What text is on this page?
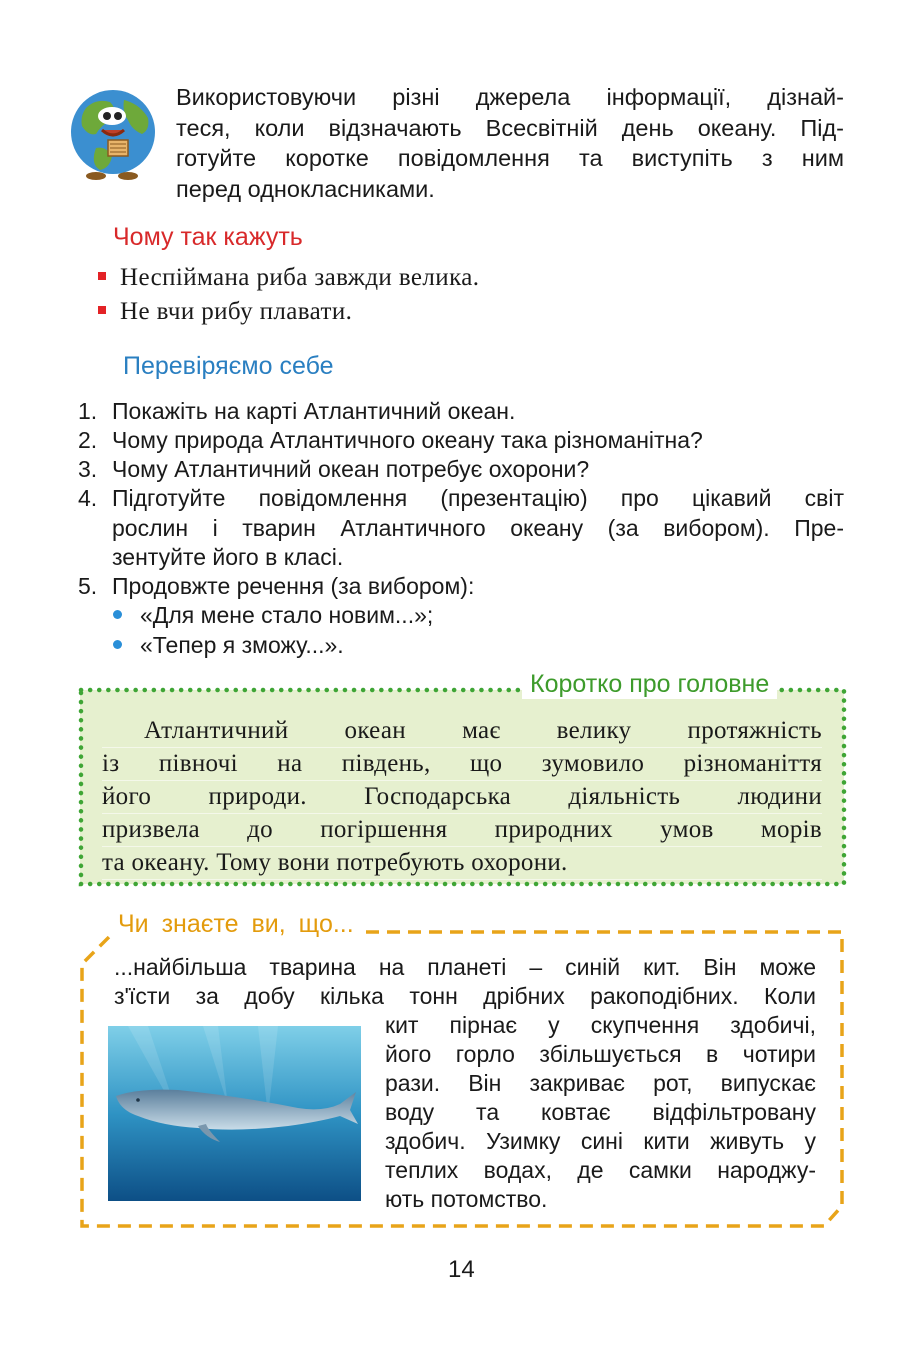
Використовуючи різні джерела інформації, дізнай-
теся, коли відзначають Всесвітній день океану. Під-
готуйте коротке повідомлення та виступіть з ним
перед однокласниками.
Чому так кажуть
Неспіймана риба завжди велика.
Не вчи рибу плавати.
Перевіряємо себе
1. Покажіть на карті Атлантичний океан.
2. Чому природа Атлантичного океану така різноманітна?
3. Чому Атлантичний океан потребує охорони?
4. Підготуйте повідомлення (презентацію) про цікавий світ
рослин і тварин Атлантичного океану (за вибором). Пре-
зентуйте його в класі.
5. Продовжте речення (за вибором):
«Для мене стало новим...»;
«Тепер я зможу...».
Коротко про головне
Атлантичний океан має велику протяжність
із півночі на південь, що зумовило різноманіття
його природи. Господарська діяльність людини
призвела до погіршення природних умов морів
та океану. Тому вони потребують охорони.
Чи знаєте ви, що...
...найбільша тварина на планеті – синій кит. Він може
з'їсти за добу кілька тонн дрібних ракоподібних. Коли
кит пірнає у скупчення здобичі,
його горло збільшується в чотири
рази. Він закриває рот, випускає
воду та ковтає відфільтровану
здобич. Узимку сині кити живуть у
теплих водах, де самки народжу-
ють потомство.
14
